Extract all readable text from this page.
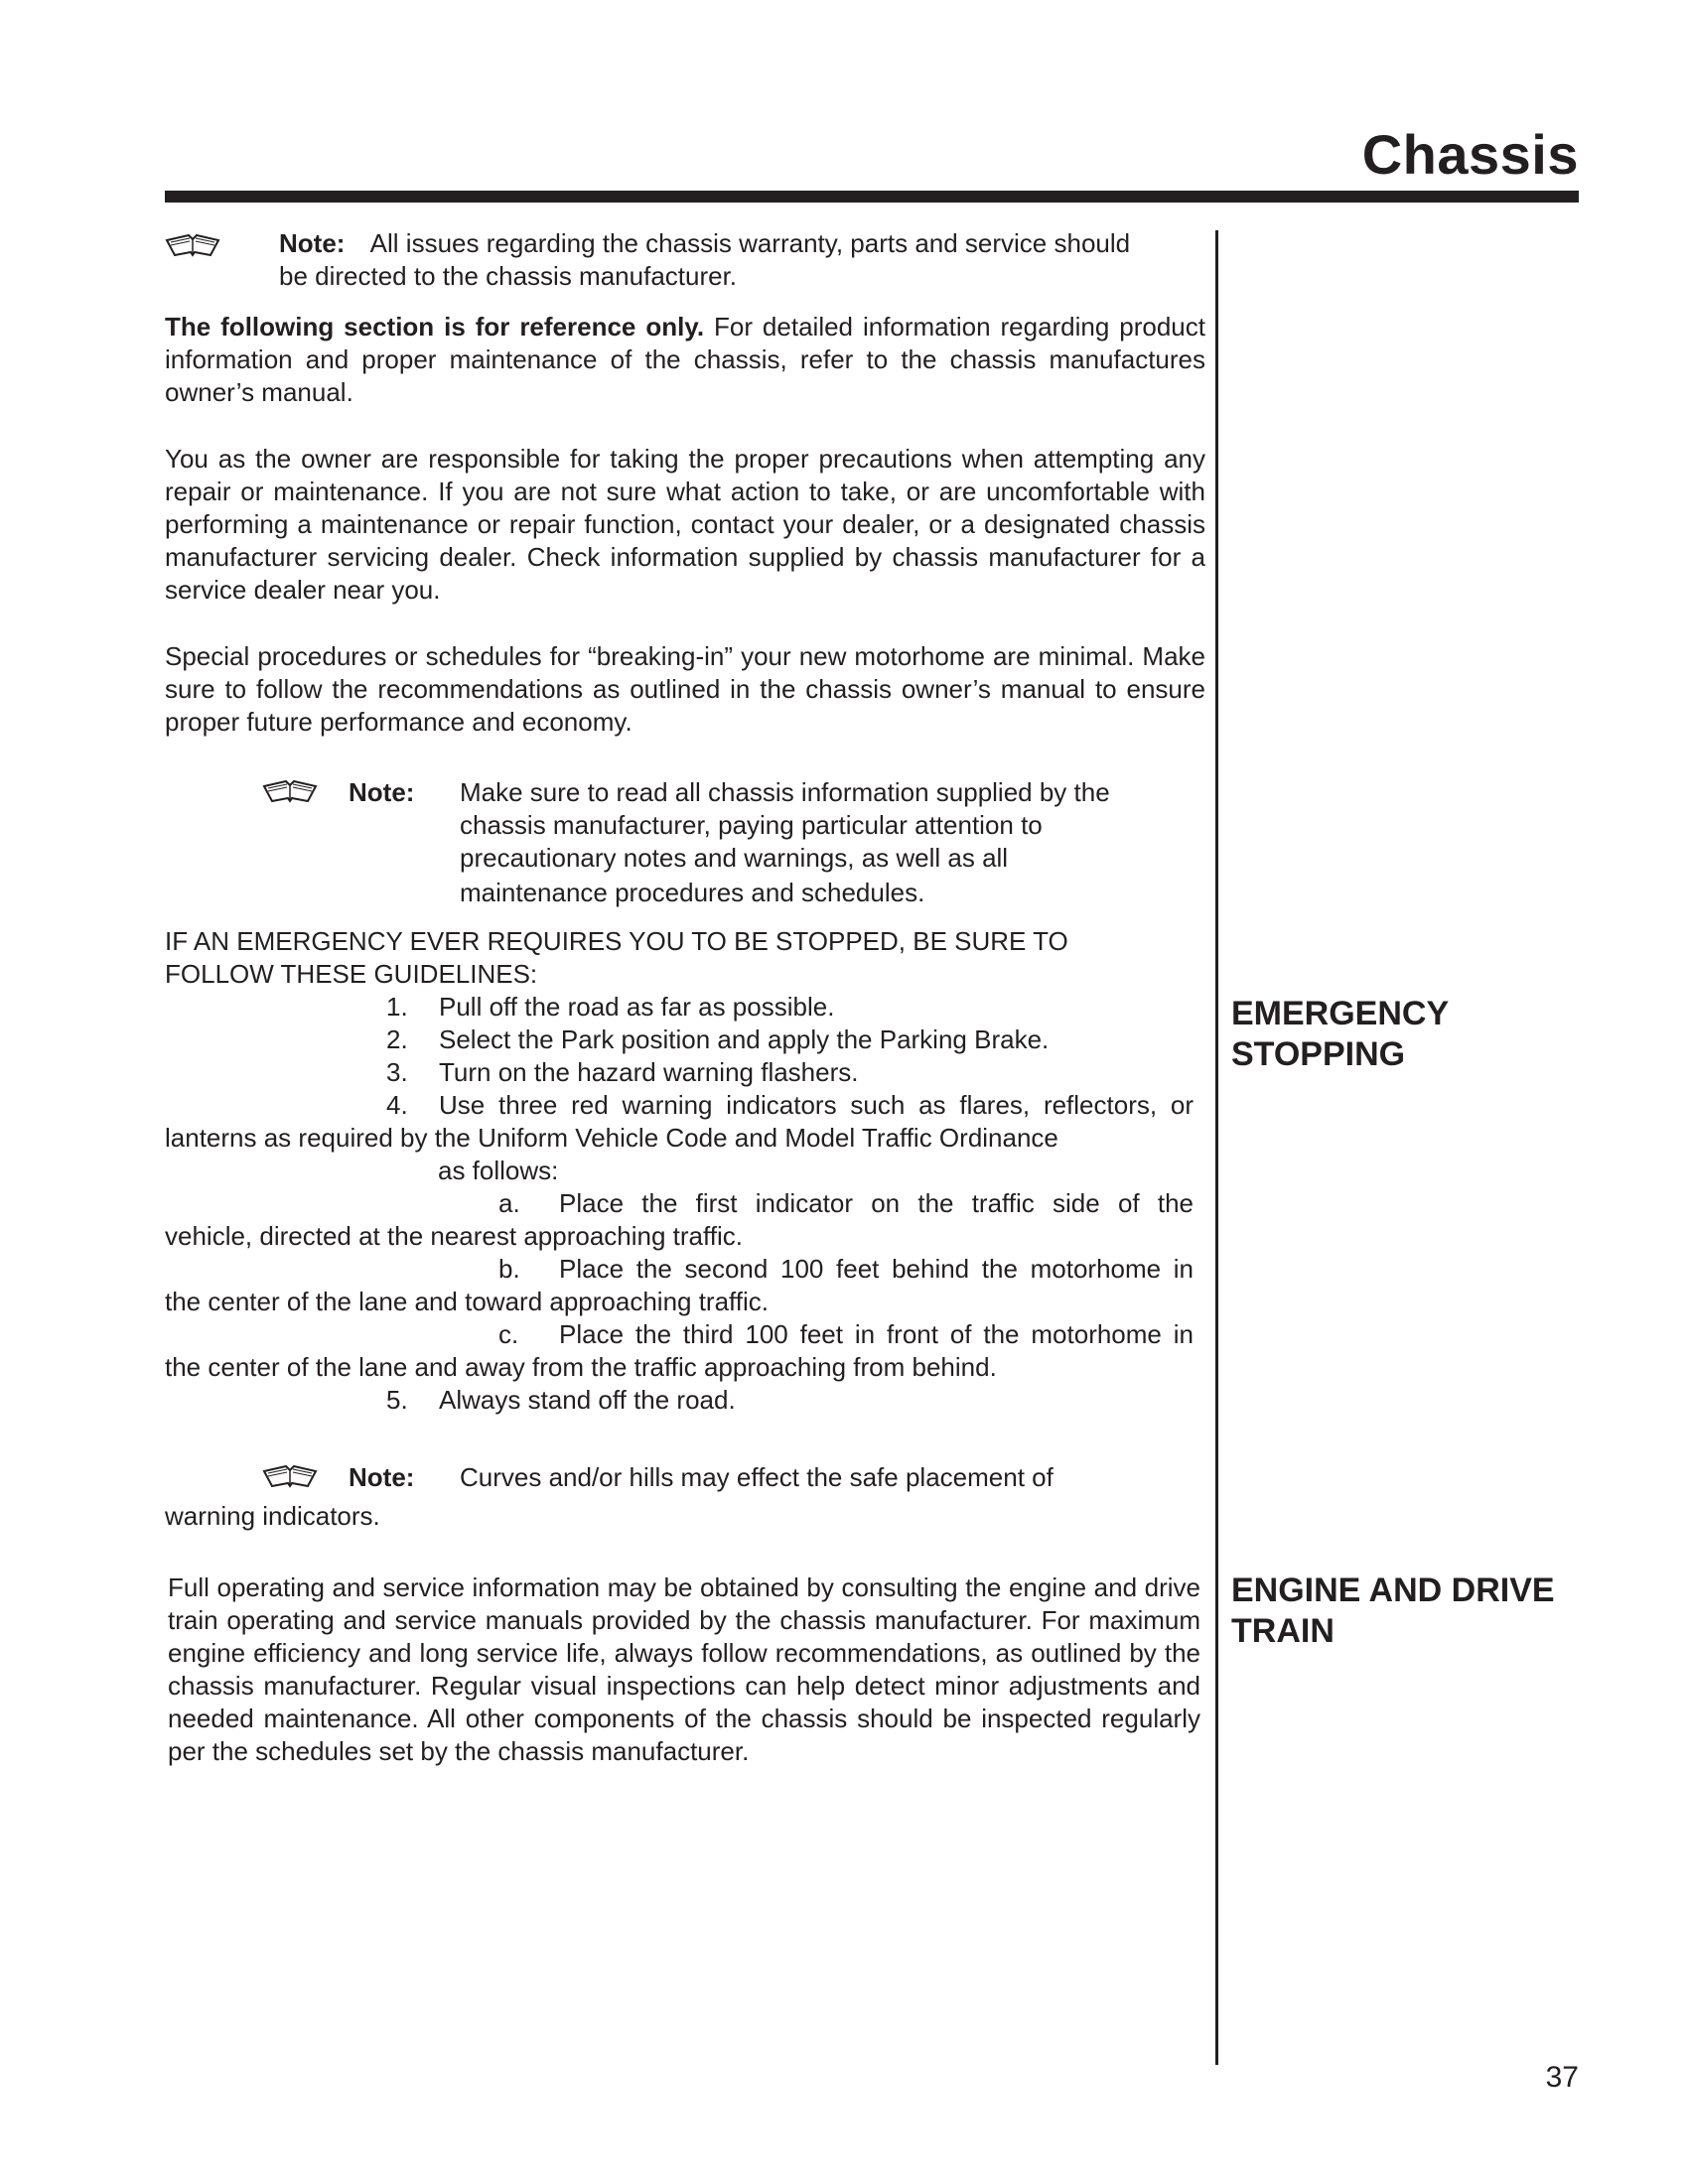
Chassis
Note: All issues regarding the chassis warranty, parts and service should
be directed to the chassis manufacturer.
The following section is for reference only. For detailed information regarding product information and proper maintenance of the chassis, refer to the chassis manufactures owner’s manual.
You as the owner are responsible for taking the proper precautions when attempting any repair or maintenance. If you are not sure what action to take, or are uncomfortable with performing a maintenance or repair function, contact your dealer, or a designated chassis manufacturer servicing dealer. Check information supplied by chassis manufacturer for a service dealer near you.
Special procedures or schedules for “breaking-in” your new motorhome are minimal. Make sure to follow the recommendations as outlined in the chassis owner’s manual to ensure proper future performance and economy.
Note: Make sure to read all chassis information supplied by the
chassis manufacturer, paying particular attention to
precautionary notes and warnings, as well as all
maintenance procedures and schedules.
IF AN EMERGENCY EVER REQUIRES YOU TO BE STOPPED, BE SURE TO
FOLLOW THESE GUIDELINES:
1. Pull off the road as far as possible.
2. Select the Park position and apply the Parking Brake.
3. Turn on the hazard warning flashers.
4. Use three red warning indicators such as flares, reflectors, or
lanterns as required by the Uniform Vehicle Code and Model Traffic Ordinance
as follows:
a. Place the first indicator on the traffic side of the
vehicle, directed at the nearest approaching traffic.
b. Place the second 100 feet behind the motorhome in
the center of the lane and toward approaching traffic.
c. Place the third 100 feet in front of the motorhome in
the center of the lane and away from the traffic approaching from behind.
5. Always stand off the road.
Note: Curves and/or hills may effect the safe placement of
warning indicators.
Full operating and service information may be obtained by consulting the engine and drive train operating and service manuals provided by the chassis manufacturer. For maximum engine efficiency and long service life, always follow recommendations, as outlined by the chassis manufacturer. Regular visual inspections can help detect minor adjustments and needed maintenance. All other components of the chassis should be inspected regularly per the schedules set by the chassis manufacturer.
EMERGENCY
STOPPING
ENGINE AND DRIVE
TRAIN
37
